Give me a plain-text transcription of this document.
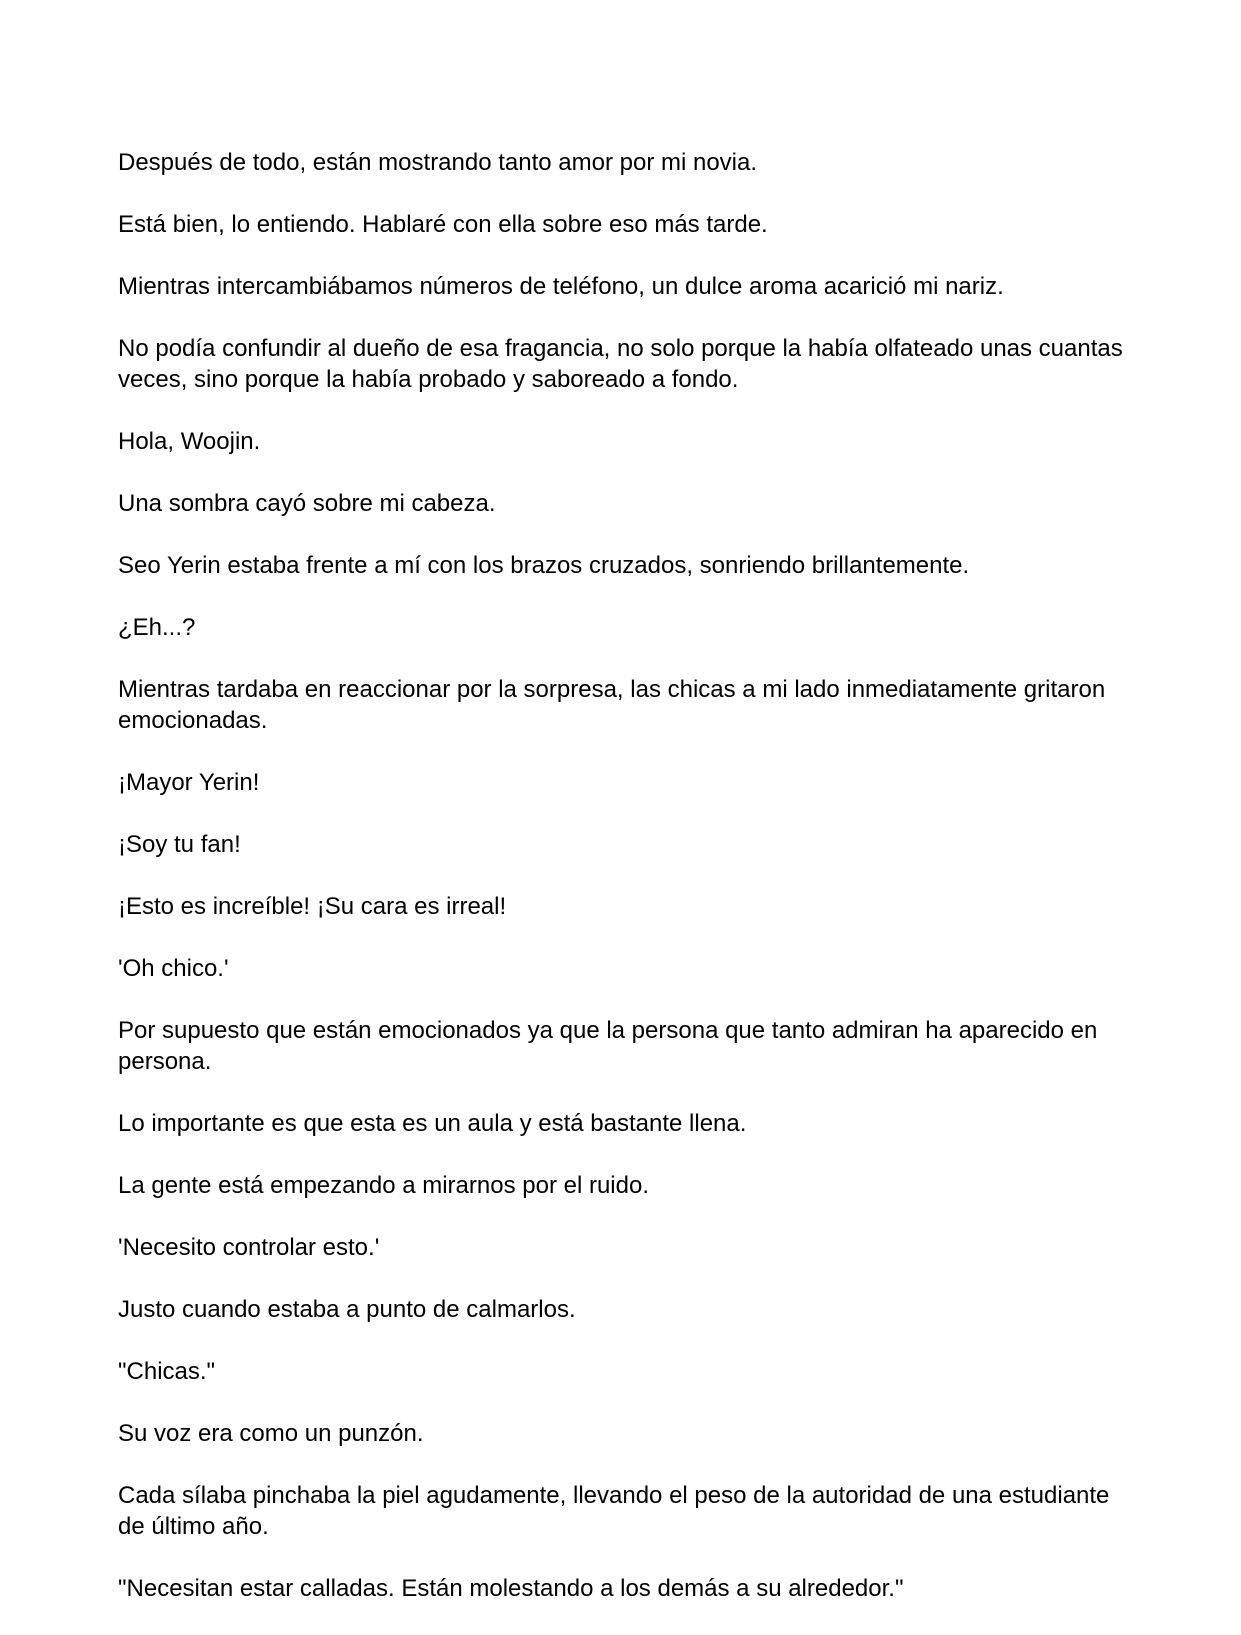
Después de todo, están mostrando tanto amor por mi novia.

Está bien, lo entiendo. Hablaré con ella sobre eso más tarde.

Mientras intercambiábamos números de teléfono, un dulce aroma acarició mi nariz.

No podía confundir al dueño de esa fragancia, no solo porque la había olfateado unas cuantas veces, sino porque la había probado y saboreado a fondo.

Hola, Woojin.

Una sombra cayó sobre mi cabeza.

Seo Yerin estaba frente a mí con los brazos cruzados, sonriendo brillantemente.

¿Eh...?

Mientras tardaba en reaccionar por la sorpresa, las chicas a mi lado inmediatamente gritaron emocionadas.

¡Mayor Yerin!

¡Soy tu fan!

¡Esto es increíble! ¡Su cara es irreal!

'Oh chico.'

Por supuesto que están emocionados ya que la persona que tanto admiran ha aparecido en persona.

Lo importante es que esta es un aula y está bastante llena.

La gente está empezando a mirarnos por el ruido.

'Necesito controlar esto.'

Justo cuando estaba a punto de calmarlos.

"Chicas."

Su voz era como un punzón.

Cada sílaba pinchaba la piel agudamente, llevando el peso de la autoridad de una estudiante de último año.

"Necesitan estar calladas. Están molestando a los demás a su alrededor."
